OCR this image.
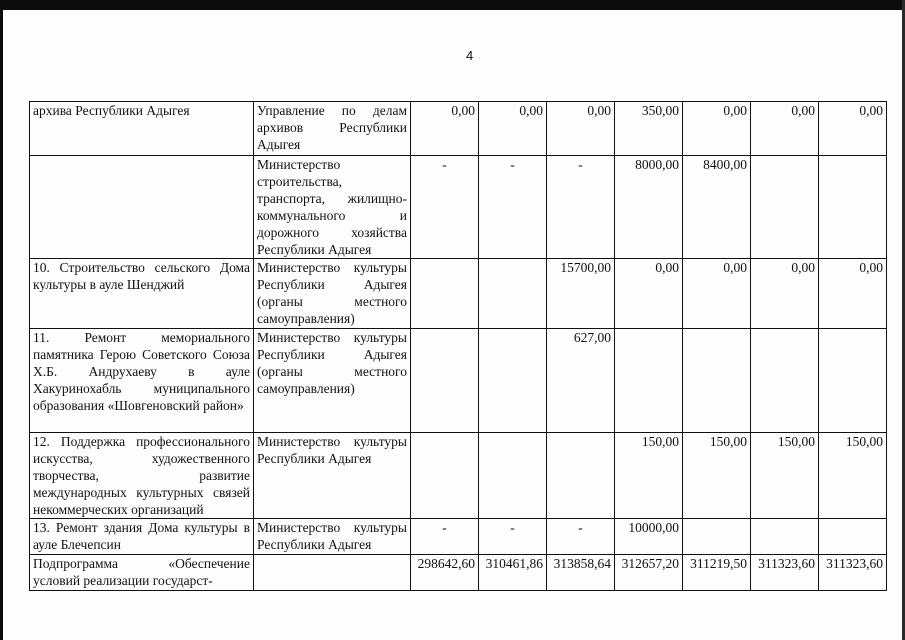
4
архива Республики Адыгея	Управление по делам архивов Республики Адыгея	0,00	0,00	0,00	350,00	0,00	0,00	0,00
	Министерство строительства, транспорта, жилищно-коммунального и дорожного хозяйства Республики Адыгея	-	-	-	8000,00	8400,00		
10. Строительство сельского Дома культуры в ауле Шенджий	Министерство культуры Республики Адыгея (органы местного самоуправления)			15700,00	0,00	0,00	0,00	0,00
11. Ремонт мемориального памятника Герою Советского Союза Х.Б. Андрухаеву в ауле Хакуринохабль муниципального образования «Шовгеновский район»	Министерство культуры Республики Адыгея (органы местного самоуправления)			627,00				
12. Поддержка профессионального искусства, художественного творчества, развитие международных культурных связей некоммерческих организаций	Министерство культуры Республики Адыгея				150,00	150,00	150,00	150,00
13. Ремонт здания Дома культуры в ауле Блечепсин	Министерство культуры Республики Адыгея	-	-	-	10000,00			
Подпрограмма «Обеспечение условий реализации государст-		298642,60	310461,86	313858,64	312657,20	311219,50	311323,60	311323,60
